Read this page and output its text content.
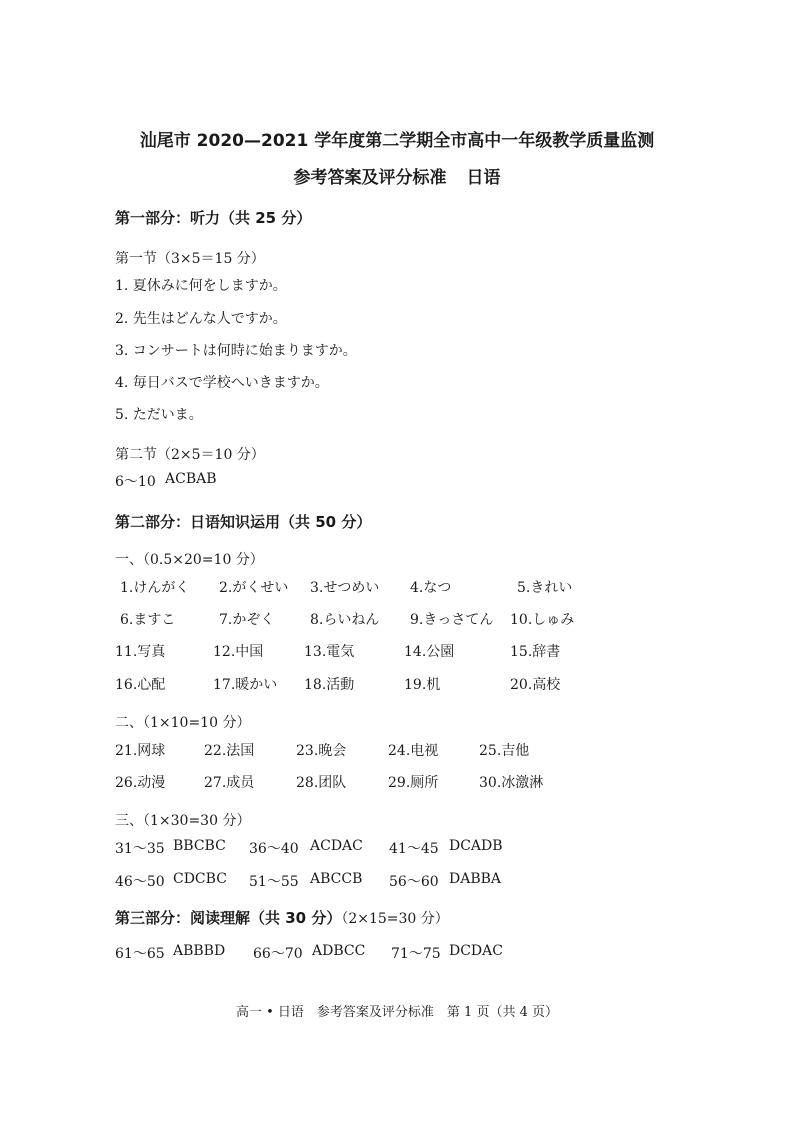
汕尾市 2020—2021 学年度第二学期全市高中一年级教学质量监测
参考答案及评分标准 日语
第一部分：听力（共 25 分）
第一节（3×5＝15 分）
1. 夏休みに何をしますか。
2. 先生はどんな人ですか。
3. コンサートは何時に始まりますか。
4. 毎日バスで学校へいきますか。
5. ただいま。
第二节（2×5＝10 分）
6～10 ACBAB
第二部分：日语知识运用（共 50 分）
一、（0.5×20=10 分）
1.けんがく 2.がくせい 3.せつめい 4.なつ	5.きれい
6.ますこ	7.かぞく	8.らいねん 9.きっさてん 10.しゅみ
11.写真	12.中国	13.電気	14.公園	15.辞書
16.心配	17.暖かい 18.活動	19.机	20.高校
二、（1×10=10 分）
21.网球	22.法国	23.晚会	24.电视	25.吉他
26.动漫	27.成员	28.团队	29.厕所	30.冰激淋
三、（1×30=30 分）
31～35 BBCBC 36～40 ACDAC 41～45 DCADB
46～50 CDCBC 51～55 ABCCB 56～60 DABBA
第三部分：阅读理解（共 30 分）（2×15=30 分）
61～65 ABBBD 66～70 ADBCC 71～75 DCDAC
高一 • 日语　参考答案及评分标准　第 1 页（共 4 页）
